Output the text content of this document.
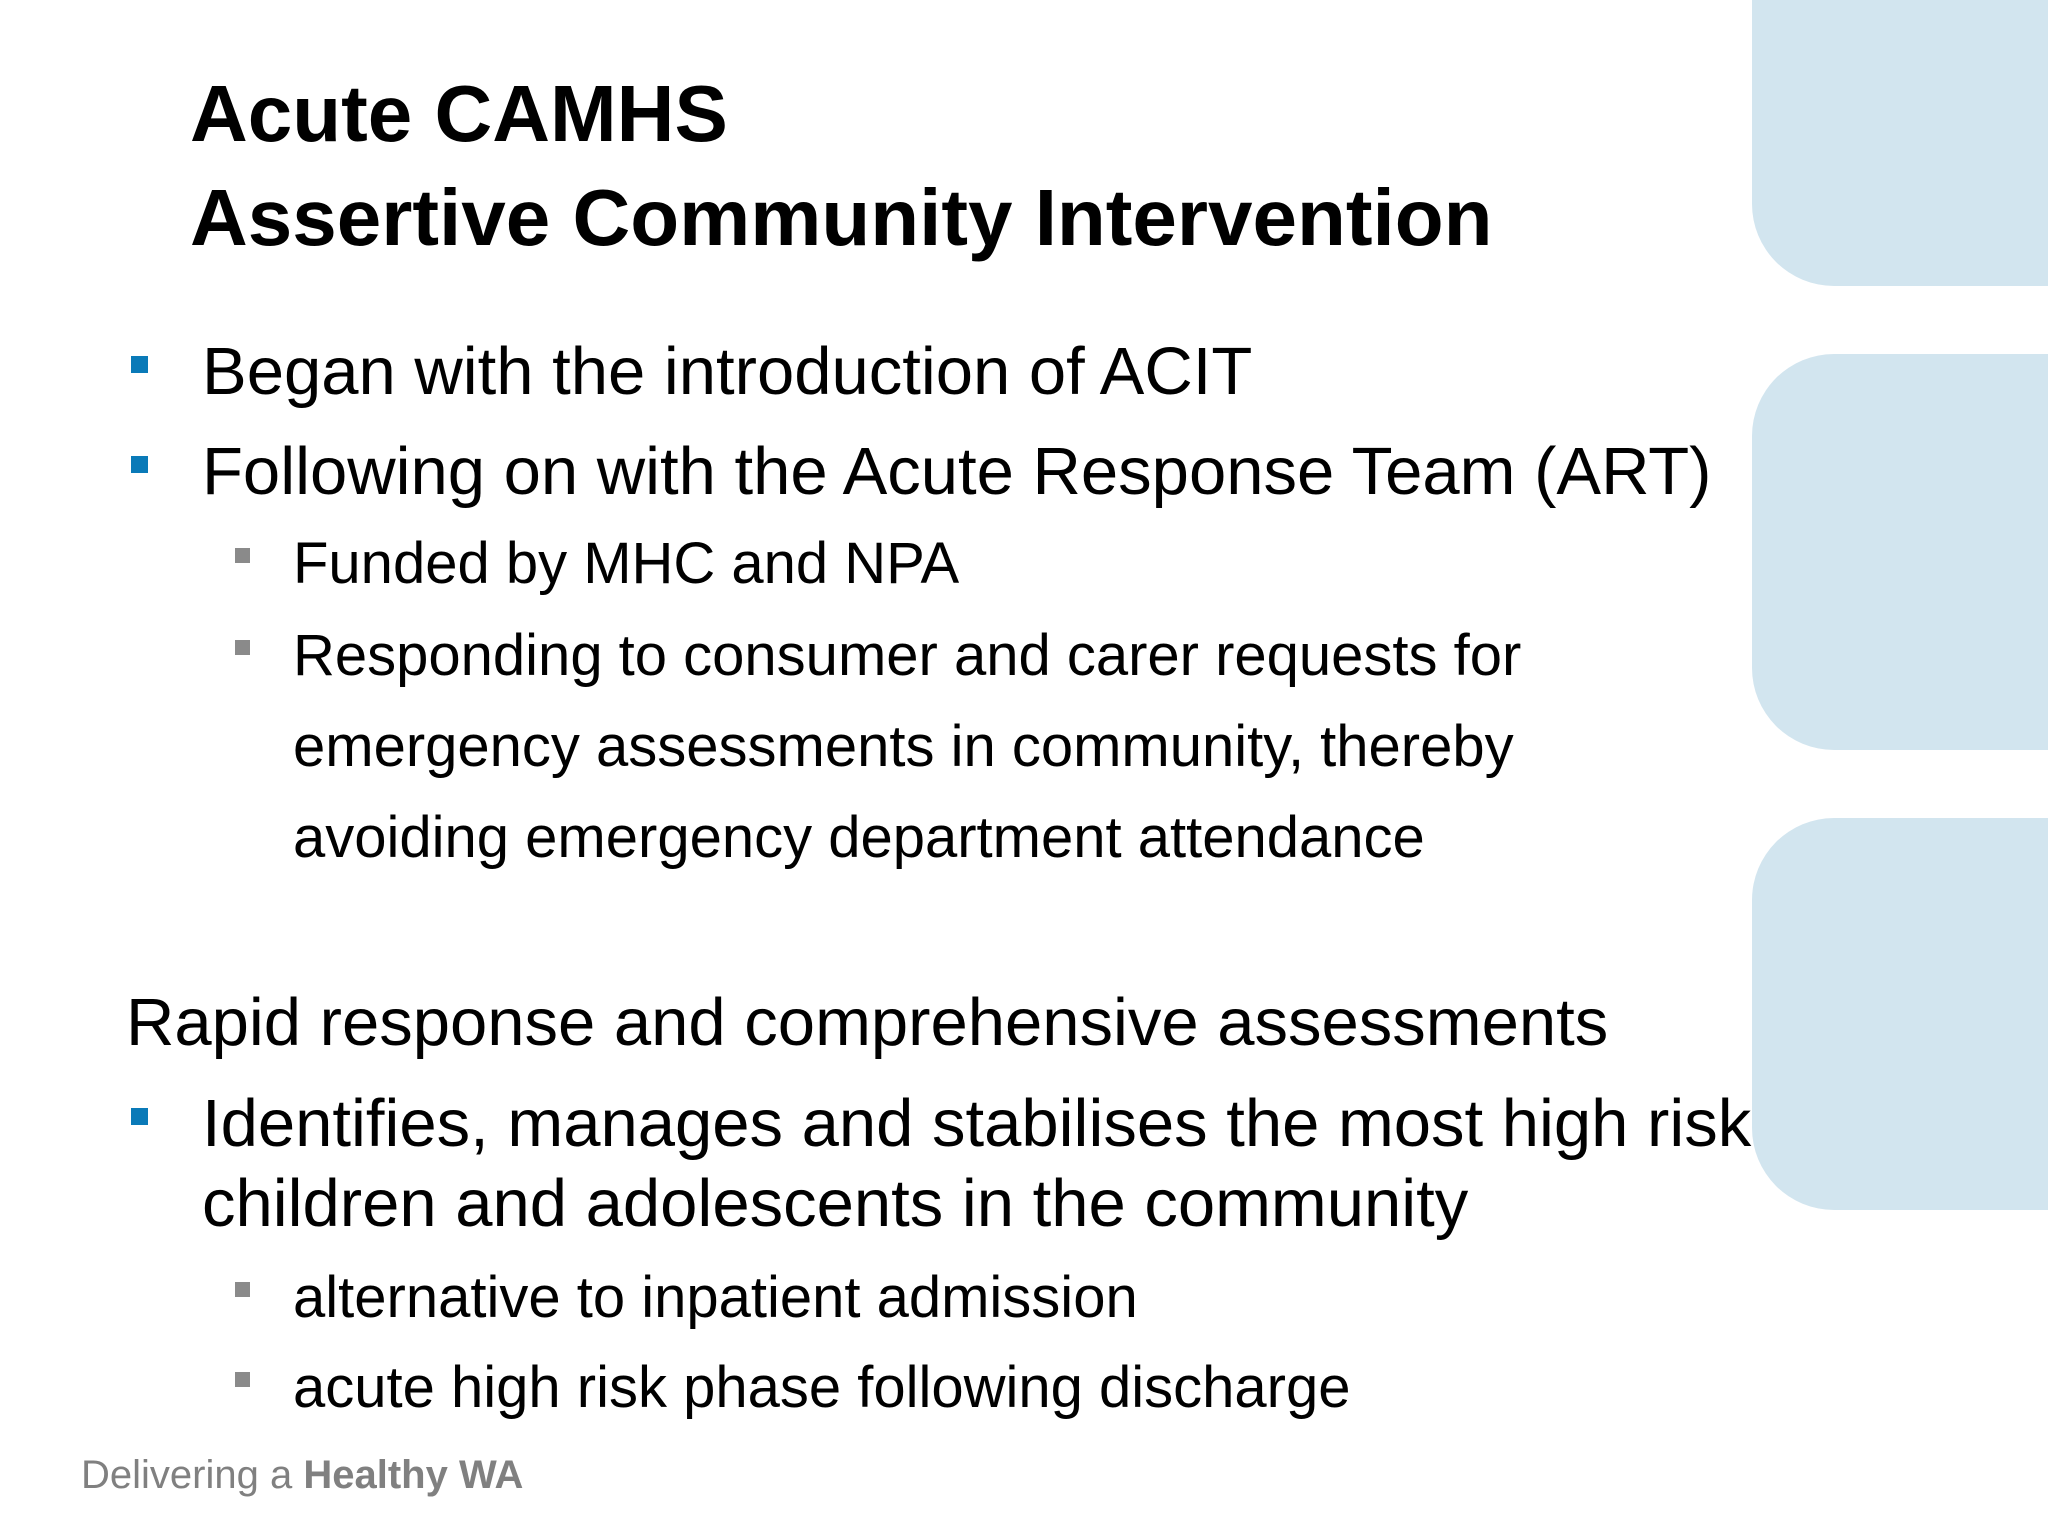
Acute CAMHS
Assertive Community Intervention
Began with the introduction of ACIT
Following on with the Acute Response Team (ART)
Funded by MHC and NPA
Responding to consumer and carer requests for emergency assessments in community, thereby avoiding emergency department attendance
Rapid response and comprehensive assessments
Identifies, manages and stabilises the most high risk children and adolescents in the community
alternative to inpatient admission
acute high risk phase following discharge
Delivering a Healthy WA
